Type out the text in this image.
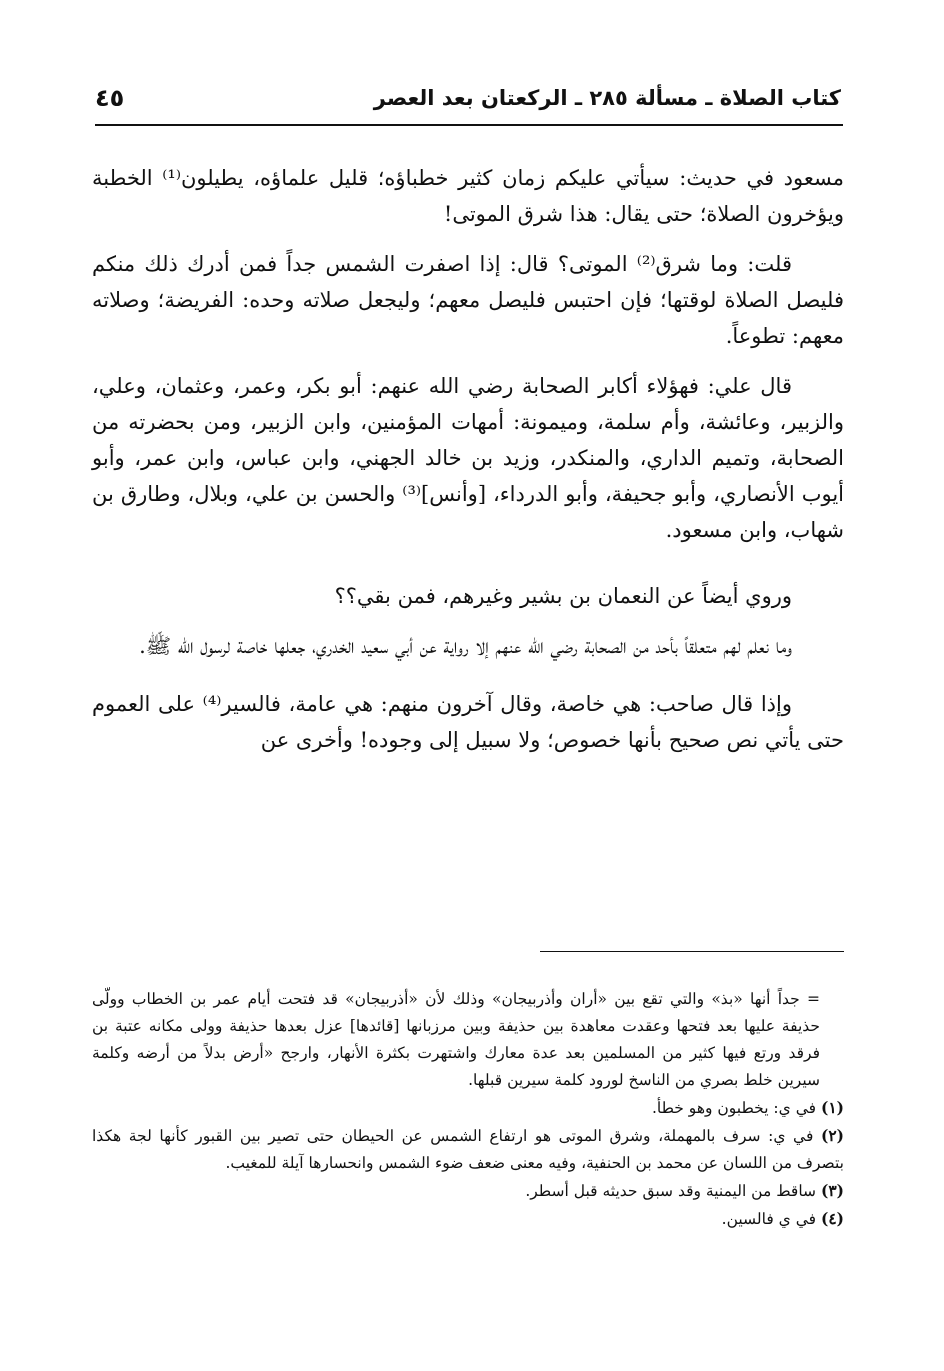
كتاب الصلاة ـ مسألة ٢٨٥ ـ الركعتان بعد العصر
٤٥

مسعود في حديث: سيأتي عليكم زمان كثير خطباؤه؛ قليل علماؤه، يطيلون⁽¹⁾ الخطبة ويؤخرون الصلاة؛ حتى يقال: هذا شرق الموتى!

قلت: وما شرق⁽²⁾ الموتى؟ قال: إذا اصفرت الشمس جداً فمن أدرك ذلك منكم فليصل الصلاة لوقتها؛ فإن احتبس فليصل معهم؛ وليجعل صلاته وحده: الفريضة؛ وصلاته معهم: تطوعاً.

قال علي: فهؤلاء أكابر الصحابة رضي الله عنهم: أبو بكر، وعمر، وعثمان، وعلي، والزبير، وعائشة، وأم سلمة، وميمونة: أمهات المؤمنين، وابن الزبير، ومن بحضرته من الصحابة، وتميم الداري، والمنكدر، وزيد بن خالد الجهني، وابن عباس، وابن عمر، وأبو أيوب الأنصاري، وأبو جحيفة، وأبو الدرداء، [وأنس]⁽³⁾ والحسن بن علي، وبلال، وطارق بن شهاب، وابن مسعود.

وروي أيضاً عن النعمان بن بشير وغيرهم، فمن بقي؟؟

وما نعلم لهم متعلقاً بأحد من الصحابة رضي الله عنهم إلا رواية عن أبي سعيد الخدري، جعلها خاصة لرسول الله ﷺ.

وإذا قال صاحب: هي خاصة، وقال آخرون منهم: هي عامة، فالسير⁽⁴⁾ على العموم حتى يأتي نص صحيح بأنها خصوص؛ ولا سبيل إلى وجوده! وأخرى عن

= جداً أنها «بذ» والتي تقع بين «أران وأذربيجان» وذلك لأن «أذربيجان» قد فتحت أيام عمر بن الخطاب وولّى حذيفة عليها بعد فتحها وعقدت معاهدة بين حذيفة وبين مرزبانها [قائدها] عزل بعدها حذيفة وولى مكانه عتبة بن فرقد ورتع فيها كثير من المسلمين بعد عدة معارك واشتهرت بكثرة الأنهار، وارجح «أرض بدلاً من أرضه وكلمة سيرين خلط بصري من الناسخ لورود كلمة سيرين قبلها.

(١) في ي: يخطبون وهو خطأ.

(٢) في ي: سرف بالمهملة، وشرق الموتى هو ارتفاع الشمس عن الحيطان حتى تصير بين القبور كأنها لجة هكذا بتصرف من اللسان عن محمد بن الحنفية، وفيه معنى ضعف ضوء الشمس وانحسارها آيلة للمغيب.

(٣) ساقط من اليمنية وقد سبق حديثه قبل أسطر.

(٤) في ي فالسين.
